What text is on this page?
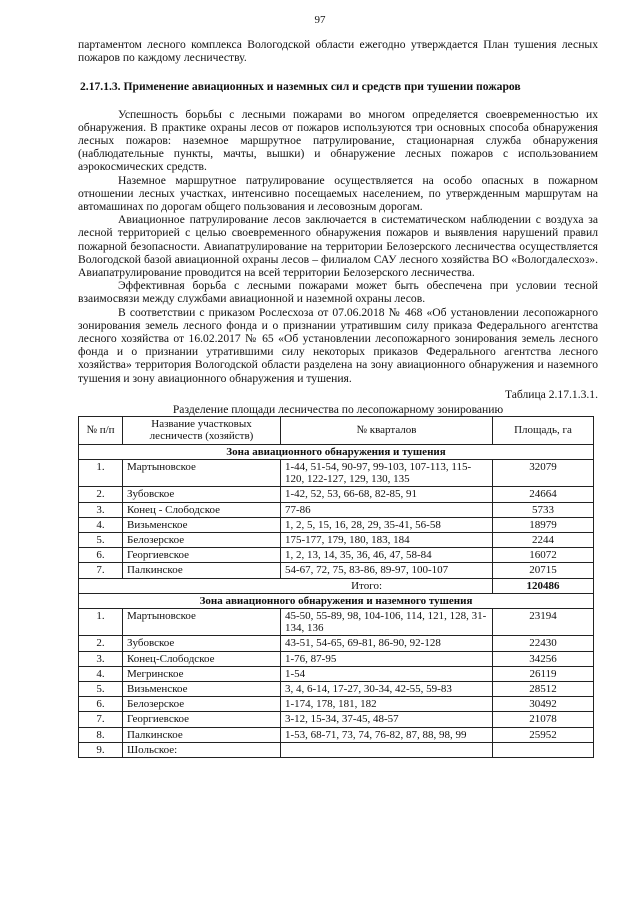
97

партаментом лесного комплекса Вологодской области ежегодно утверждается План тушения лесных пожаров по каждому лесничеству.

2.17.1.3. Применение авиационных и наземных сил и средств при тушении пожаров

Успешность борьбы с лесными пожарами во многом определяется своевременностью их обнаружения. В практике охраны лесов от пожаров используются три основных способа обнаружения лесных пожаров: наземное маршрутное патрулирование, стационарная служба обнаружения (наблюдательные пункты, мачты, вышки) и обнаружение лесных пожаров с использованием аэрокосмических средств.

Наземное маршрутное патрулирование осуществляется на особо опасных в пожарном отношении лесных участках, интенсивно посещаемых населением, по утвержденным маршрутам на автомашинах по дорогам общего пользования и лесовозным дорогам.

Авиационное патрулирование лесов заключается в систематическом наблюдении с воздуха за лесной территорией с целью своевременного обнаружения пожаров и выявления нарушений правил пожарной безопасности. Авиапатрулирование на территории Белозерского лесничества осуществляется Вологодской базой авиационной охраны лесов – филиалом САУ лесного хозяйства ВО «Вологдалесхоз». Авиапатрулирование проводится на всей территории Белозерского лесничества.

Эффективная борьба с лесными пожарами может быть обеспечена при условии тесной взаимосвязи между службами авиационной и наземной охраны лесов.

В соответствии с приказом Рослесхоза от 07.06.2018 № 468 «Об установлении лесопожарного зонирования земель лесного фонда и о признании утратившим силу приказа Федерального агентства лесного хозяйства от 16.02.2017 № 65 «Об установлении лесопожарного зонирования земель лесного фонда и о признании утратившими силу некоторых приказов Федерального агентства лесного хозяйства» территория Вологодской области разделена на зону авиационного обнаружения и наземного тушения и зону авиационного обнаружения и тушения.

Таблица 2.17.1.3.1.
Разделение площади лесничества по лесопожарному зонированию
№ п/п	Название участковых лесничеств (хозяйств)	№ кварталов	Площадь, га
Зона авиационного обнаружения и тушения			
1.	Мартыновское	1-44, 51-54, 90-97, 99-103, 107-113, 115-120, 122-127, 129, 130, 135	32079
2.	Зубовское	1-42, 52, 53, 66-68, 82-85, 91	24664
3.	Конец - Слободское	77-86	5733
4.	Визьменское	1, 2, 5, 15, 16, 28, 29, 35-41, 56-58	18979
5.	Белозерское	175-177, 179, 180, 183, 184	2244
6.	Георгиевское	1, 2, 13, 14, 35, 36, 46, 47, 58-84	16072
7.	Палкинское	54-67, 72, 75, 83-86, 89-97, 100-107	20715
Итого:			120486
Зона авиационного обнаружения и наземного тушения			
1.	Мартыновское	45-50, 55-89, 98, 104-106, 114, 121, 128, 31-134, 136	23194
2.	Зубовское	43-51, 54-65, 69-81, 86-90, 92-128	22430
3.	Конец-Слободское	1-76, 87-95	34256
4.	Мегринское	1-54	26119
5.	Визьменское	3, 4, 6-14, 17-27, 30-34, 42-55, 59-83	28512
6.	Белозерское	1-174, 178, 181, 182	30492
7.	Георгиевское	3-12, 15-34, 37-45, 48-57	21078
8.	Палкинское	1-53, 68-71, 73, 74, 76-82, 87, 88, 98, 99	25952
9.	Шольское:		
